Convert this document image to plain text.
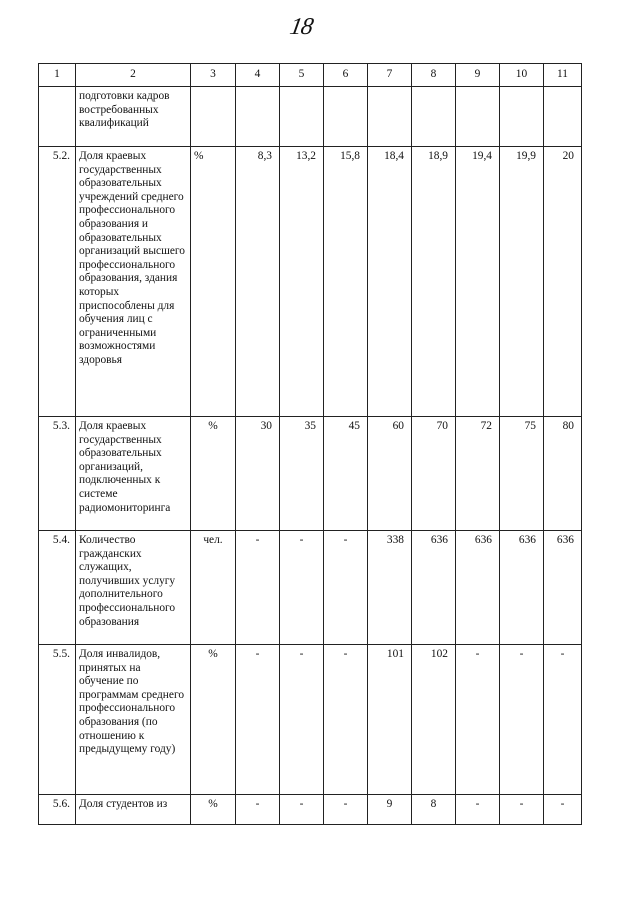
18
1	2	3	4	5	6	7	8	9	10	11
	подготовки кадров востребованных квалификаций									
5.2.	Доля краевых государственных образовательных учреждений среднего профессионального образования и образовательных организаций высшего профессионального образования, здания которых приспособлены для обучения лиц с ограниченными возможностями здоровья	%	8,3	13,2	15,8	18,4	18,9	19,4	19,9	20
5.3.	Доля краевых государственных образовательных организаций, подключенных к системе радиомониторинга	%	30	35	45	60	70	72	75	80
5.4.	Количество гражданских служащих, получивших услугу дополнительного профессионального образования	чел.	-	-	-	338	636	636	636	636
5.5.	Доля инвалидов, принятых на обучение по программам среднего профессионального образования (по отношению к предыдущему году)	%	-	-	-	101	102	-	-	-
5.6.	Доля студентов из	%	-	-	-	9	8	-	-	-
